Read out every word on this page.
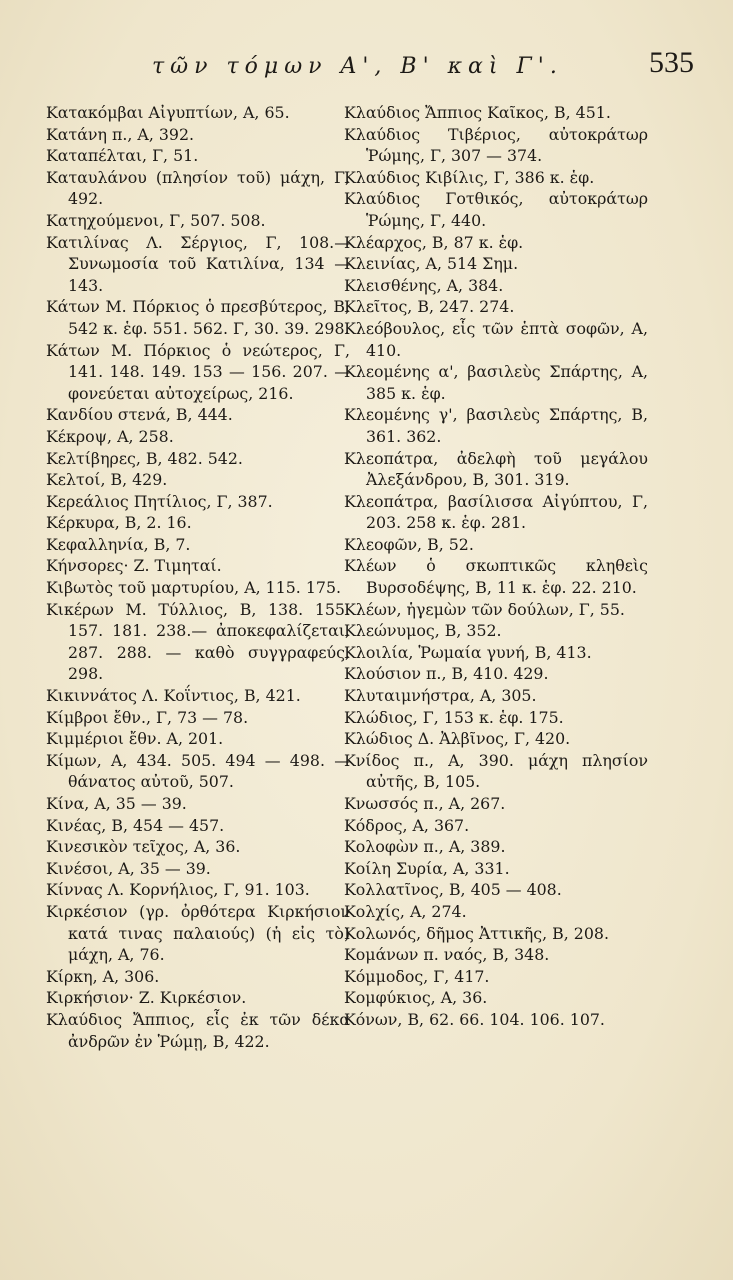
τῶν τόμων Α', Β' καὶ Γ'.	535

Κατακόμβαι Αἰγυπτίων, Α, 65.

Κατάνη π., Α, 392.

Καταπέλται, Γ, 51.

Καταυλάνου (πλησίον τοῦ) μάχη, Γ, 492.

Κατηχούμενοι, Γ, 507. 508.

Κατιλίνας Λ. Σέργιος, Γ, 108.— Συνωμοσία τοῦ Κατιλίνα, 134 — 143.

Κάτων Μ. Πόρκιος ὁ πρεσβύτερος, Β, 542 κ. ἑφ. 551. 562. Γ, 30. 39. 298.

Κάτων Μ. Πόρκιος ὁ νεώτερος, Γ, 141. 148. 149. 153 — 156. 207. — φονεύεται αὐτοχείρως, 216.

Κανδίου στενά, Β, 444.

Κέκροψ, Α, 258.

Κελτίβηρες, Β, 482. 542.

Κελτοί, Β, 429.

Κερεάλιος Πητίλιος, Γ, 387.

Κέρκυρα, Β, 2. 16.

Κεφαλληνία, Β, 7.

Κήνσορες· Ζ. Τιμηταί.

Κιβωτὸς τοῦ μαρτυρίου, Α, 115. 175.

Κικέρων Μ. Τύλλιος, Β, 138. 155. 157. 181. 238.— ἀποκεφαλίζεται, 287. 288. — καθὸ συγγραφεύς, 298.

Κικιννάτος Λ. Κοΐντιος, Β, 421.

Κίμβροι ἔθν., Γ, 73 — 78.

Κιμμέριοι ἔθν. Α, 201.

Κίμων, Α, 434. 505. 494 — 498. — θάνατος αὐτοῦ, 507.

Κίνα, Α, 35 — 39.

Κινέας, Β, 454 — 457.

Κινεσικὸν τεῖχος, Α, 36.

Κινέσοι, Α, 35 — 39.

Κίννας Λ. Κορνήλιος, Γ, 91. 103.

Κιρκέσιον (γρ. ὀρθότερα Κιρκήσιον κατά τινας παλαιούς) (ἡ εἰς τὸ) μάχη, Α, 76.

Κίρκη, Α, 306.

Κιρκήσιον· Ζ. Κιρκέσιον.

Κλαύδιος Ἄππιος, εἷς ἐκ τῶν δέκα ἀνδρῶν ἐν Ῥώμῃ, Β, 422.

Κλαύδιος Ἄππιος Καῖκος, Β, 451.

Κλαύδιος Τιβέριος, αὐτοκράτωρ Ῥώμης, Γ, 307 — 374.

Κλαύδιος Κιβίλις, Γ, 386 κ. ἑφ.

Κλαύδιος Γοτθικός, αὐτοκράτωρ Ῥώμης, Γ, 440.

Κλέαρχος, Β, 87 κ. ἑφ.

Κλεινίας, Α, 514 Σημ.

Κλεισθένης, Α, 384.

Κλεῖτος, Β, 247. 274.

Κλεόβουλος, εἷς τῶν ἑπτὰ σοφῶν, Α, 410.

Κλεομένης α', βασιλεὺς Σπάρτης, Α, 385 κ. ἑφ.

Κλεομένης γ', βασιλεὺς Σπάρτης, Β, 361. 362.

Κλεοπάτρα, ἀδελφὴ τοῦ μεγάλου Ἀλεξάνδρου, Β, 301. 319.

Κλεοπάτρα, βασίλισσα Αἰγύπτου, Γ, 203. 258 κ. ἑφ. 281.

Κλεοφῶν, Β, 52.

Κλέων ὁ σκωπτικῶς κληθεὶς Βυρσοδέψης, Β, 11 κ. ἑφ. 22. 210.

Κλέων, ἡγεμὼν τῶν δούλων, Γ, 55.

Κλεώνυμος, Β, 352.

Κλοιλία, Ῥωμαία γυνή, Β, 413.

Κλούσιον π., Β, 410. 429.

Κλυταιμνήστρα, Α, 305.

Κλώδιος, Γ, 153 κ. ἑφ. 175.

Κλώδιος Δ. Ἀλβῖνος, Γ, 420.

Κνίδος π., Α, 390. μάχη πλησίον αὐτῆς, Β, 105.

Κνωσσός π., Α, 267.

Κόδρος, Α, 367.

Κολοφὼν π., Α, 389.

Κοίλη Συρία, Α, 331.

Κολλατῖνος, Β, 405 — 408.

Κολχίς, Α, 274.

Κολωνός, δῆμος Ἀττικῆς, Β, 208.

Κομάνων π. ναός, Β, 348.

Κόμμοδος, Γ, 417.

Κομφύκιος, Α, 36.

Κόνων, Β, 62. 66. 104. 106. 107.
